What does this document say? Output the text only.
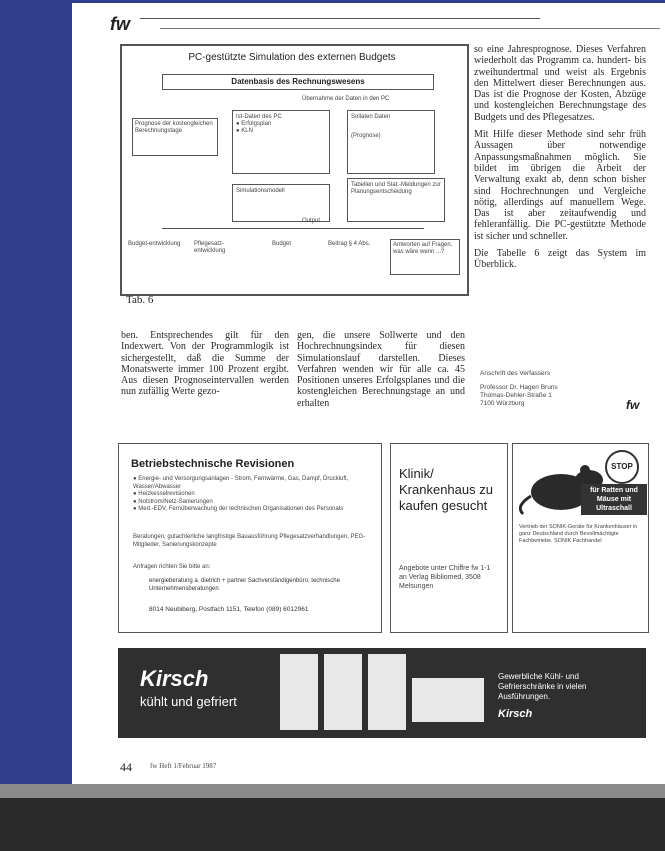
fw
PC-gestützte Simulation des externen Budgets
Datenbasis des Rechnungswesens
Übernahme der Daten in den PC
Prognose der kostengleichen Berechnungstage
Ist-Daten des PC
● Erfolgsplan
● KLN
Sollaten Daten
(Prognose)
Simulationsmodell
Output
Tabellen und Stat.-Meldungen zur Planungsentscheidung
Budget-entwicklung	Pflegesatz-entwicklung
Budget	Beitrag § 4 Abs.	Antworten auf Fragen, was wäre wenn ...?
Tab. 6

so eine Jahresprognose. Dieses Verfahren wiederholt das Programm ca. hundert- bis zweihundertmal und weist als Ergebnis den Mittelwert dieser Berechnungen aus. Das ist die Prognose der Kosten, Abzüge und kostengleichen Berechnungstage des Budgets und des Pflegesatzes.

Mit Hilfe dieser Methode sind sehr früh Aussagen über notwendige Anpassungsmaßnahmen möglich. Sie bildet im übrigen die Arbeit der Verwaltung exakt ab, denn schon bisher sind Hochrechnungen und Vergleiche nötig, allerdings auf manuellem Wege. Das ist aber zeitaufwendig und fehleranfällig. Die PC-gestützte Methode ist sicher und schneller.

Die Tabelle 6 zeigt das System im Überblick.

ben. Entsprechendes gilt für den Indexwert. Von der Programmlogik ist sichergestellt, daß die Summe der Monatswerte immer 100 Prozent ergibt. Aus diesen Prognoseintervallen werden nun zufällig Werte gezo-
gen, die unsere Sollwerte und den Hochrechnungsindex für diesen Simulationslauf darstellen. Dieses Verfahren wenden wir für alle ca. 45 Positionen unseres Erfolgsplanes und die kostengleichen Berechnungstage an und erhalten
Anschrift des Verfassers
Professor Dr. Hagen Bruns
Thomas-Dehler-Straße 1
7100 Würzburg	fw
Betriebstechnische Revisionen
● Energie- und Versorgungsanlagen - Strom, Fernwärme, Gas, Dampf, Druckluft, Wasser/Abwasser
● Heizkesselrevisionen
● Notstrom/Netz-Sanierungen
● Med.-EDV, Fernüberwachung der technischen Organisationen des Personals
Beratungen, gutachterliche langfristige Bauausführung Pflegesatzverhandlungen, PEG-Mitglieder, Sanierungskonzepte
Anfragen richten Sie bitte an:
energieberatung a. dietrich + partner Sachverständigenbüro, technische Unternehmensberatungen
8014 Neubiberg, Postfach 1151, Telefon (089) 6012961
Klinik/ Krankenhaus zu kaufen gesucht
Angebote unter Chiffre fw 1-1 an Verlag Bibliomed, 3508 Melsungen
STOP
für Ratten und Mäuse mit Ultraschall
Vertrieb der SONIK-Geräte für Krankenhäuser in ganz Deutschland durch Bevollmächtigte Fachbetriebe. SONIK Fachhandel
Kirsch
kühlt und gefriert
Gewerbliche Kühl- und Gefrierschränke in vielen Ausführungen.
Kirsch
44	fw Heft 1/Februar 1987
